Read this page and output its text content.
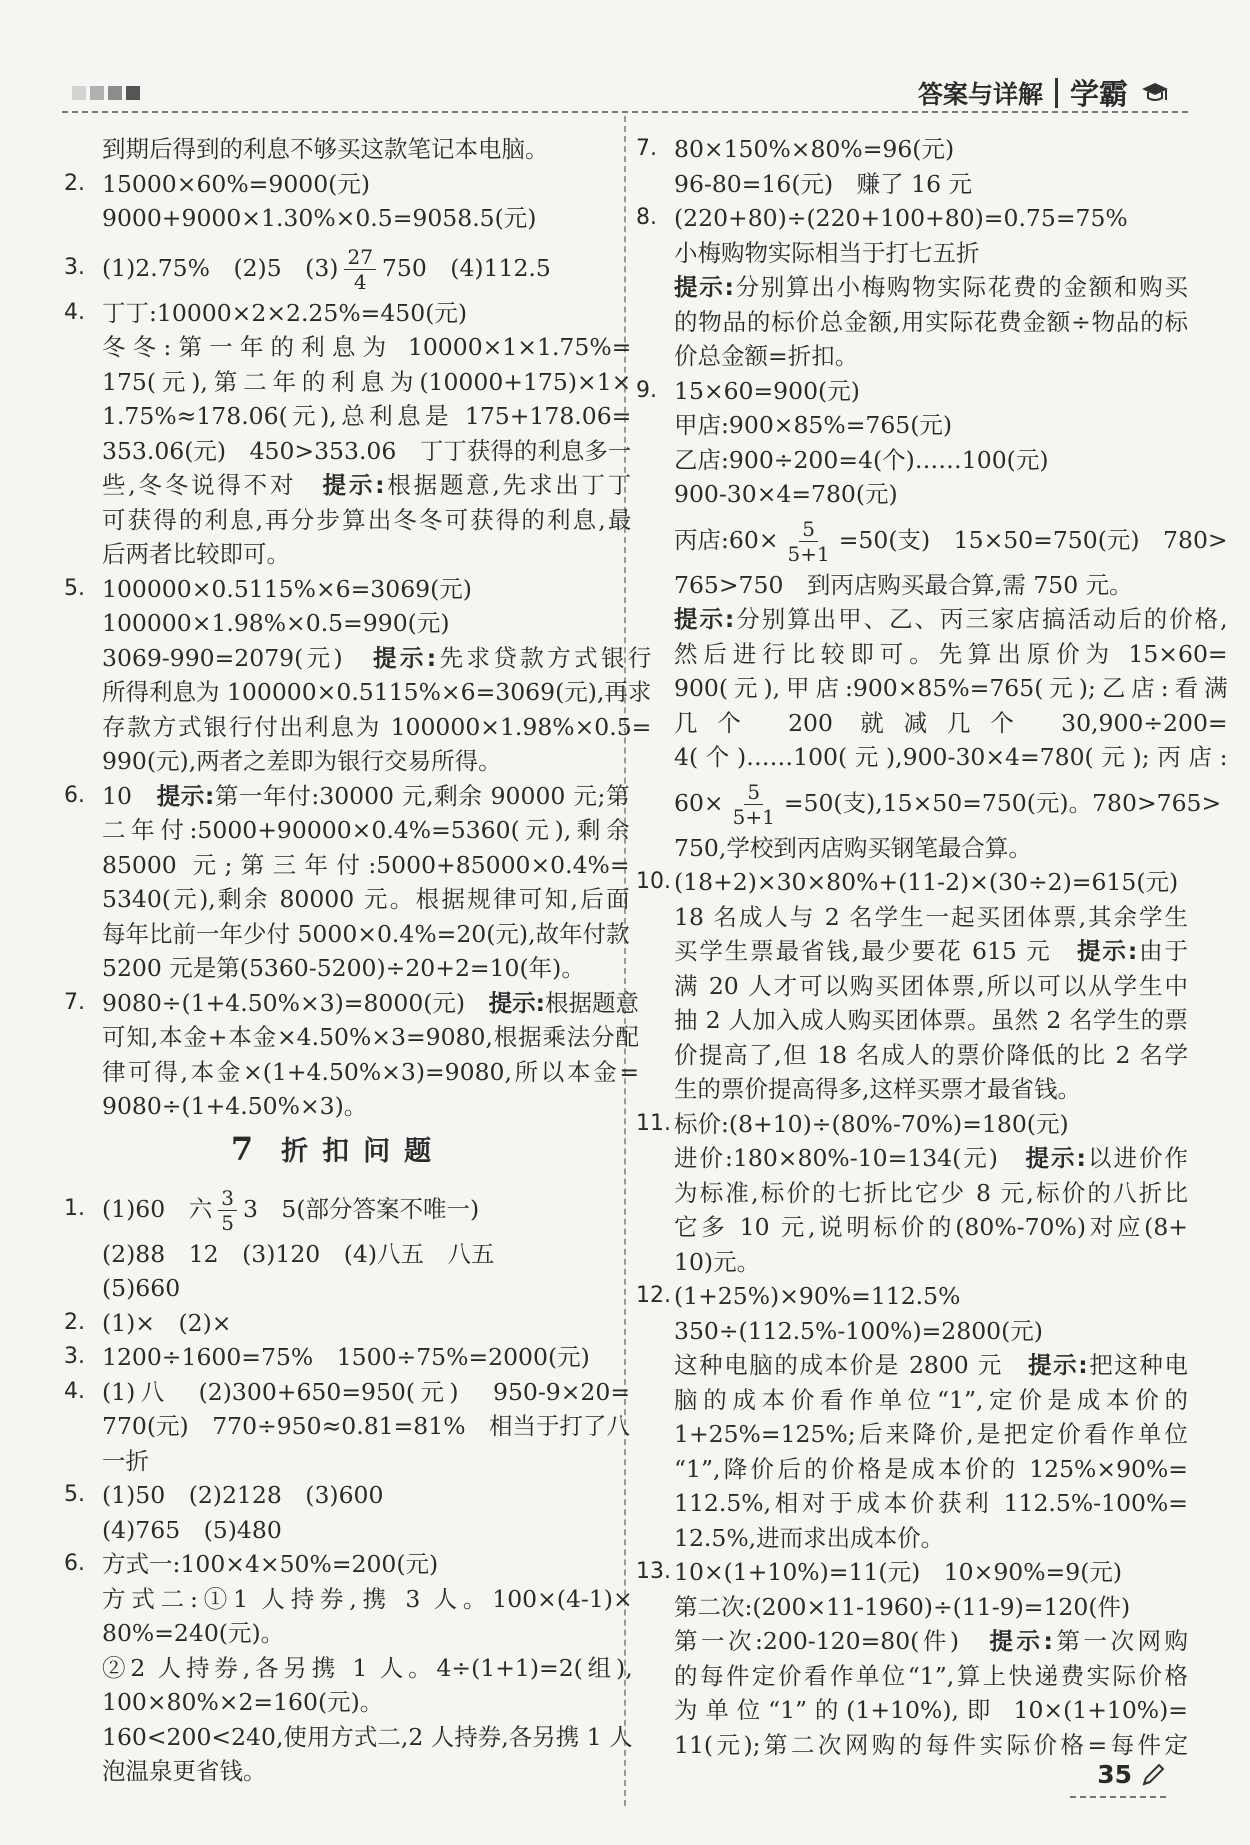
答案与详解 学霸
到期后得到的利息不够买这款笔记本电脑。
2. 15000×60%=9000(元)
9000+9000×1.30%×0.5=9058.5(元)
3. (1)2.75%　(2)5　$(3) \frac{27}{4} 750$　(4)112.5
4. 丁丁:10000×2×2.25%=450(元)
冬冬:第一年的利息为 10000×1×1.75%=
175(元),第二年的利息为(10000+175)×1×
1.75%≈178.06(元),总利息是 175+178.06=
353.06(元)　450>353.06　丁丁获得的利息多一
些,冬冬说得不对　提示:根据题意,先求出丁丁
可获得的利息,再分步算出冬冬可获得的利息,最
后两者比较即可。
5. 100000×0.5115%×6=3069(元)
100000×1.98%×0.5=990(元)
3069-990=2079(元)　提示:先求贷款方式银行
所得利息为 100000×0.5115%×6=3069(元),再求
存款方式银行付出利息为 100000×1.98%×0.5=
990(元),两者之差即为银行交易所得。
6. 10　提示:第一年付:30000 元,剩余 90000 元;第
二年付:5000+90000×0.4%=5360(元),剩余
85000 元;第三年付:5000+85000×0.4%=
5340(元),剩余 80000 元。根据规律可知,后面
每年比前一年少付 5000×0.4%=20(元),故年付款
5200 元是第(5360-5200)÷20+2=10(年)。
7. 9080÷(1+4.50%×3)=8000(元)　提示:根据题意
可知,本金+本金×4.50%×3=9080,根据乘法分配
律可得,本金×(1+4.50%×3)=9080,所以本金=
9080÷(1+4.50%×3)。
7 折扣问题
1. (1)60　六 $\frac{3}{5} 3$　5(部分答案不唯一)
(2)88　12　(3)120　(4)八五　八五
(5)660
2. (1)×　(2)×
3. 1200÷1600=75%　1500÷75%=2000(元)
4. (1)八　(2)300+650=950(元)　950-9×20=
770(元)　770÷950≈0.81=81%　相当于打了八
一折
5. (1)50　(2)2128　(3)600
(4)765　(5)480
6. 方式一:100×4×50%=200(元)
方式二:①1 人持券,携 3 人。100×(4-1)×
80%=240(元)。
②2 人持券,各另携 1 人。4÷(1+1)=2(组),
100×80%×2=160(元)。
160<200<240,使用方式二,2 人持券,各另携 1 人
泡温泉更省钱。
7. 80×150%×80%=96(元)
96-80=16(元)　赚了 16 元
8. (220+80)÷(220+100+80)=0.75=75%
小梅购物实际相当于打七五折
提示:分别算出小梅购物实际花费的金额和购买
的物品的标价总金额,用实际花费金额÷物品的标
价总金额=折扣。
9. 15×60=900(元)
甲店:900×85%=765(元)
乙店:900÷200=4(个)……100(元)
900-30×4=780(元)
丙店:60× $\frac{5}{5+1} =50$(支)　15×50=750(元)　780>
765>750　到丙店购买最合算,需 750 元。
提示:分别算出甲、乙、丙三家店搞活动后的价格,
然后进行比较即可。先算出原价为 15×60=
900(元),甲店:900×85%=765(元);乙店:看满
几个 200 就减几个 30,900÷200=
4(个)……100(元),900-30×4=780(元);丙店:
$60\times \frac{5}{5+1} =50$(支),15×50=750(元)。780>765>
750,学校到丙店购买钢笔最合算。
10. (18+2)×30×80%+(11-2)×(30÷2)=615(元)
18 名成人与 2 名学生一起买团体票,其余学生
买学生票最省钱,最少要花 615 元　提示:由于
满 20 人才可以购买团体票,所以可以从学生中
抽 2 人加入成人购买团体票。虽然 2 名学生的票
价提高了,但 18 名成人的票价降低的比 2 名学
生的票价提高得多,这样买票才最省钱。
11. 标价:(8+10)÷(80%-70%)=180(元)
进价:180×80%-10=134(元)　提示:以进价作
为标准,标价的七折比它少 8 元,标价的八折比
它多 10 元,说明标价的(80%-70%)对应(8+
10)元。
12. (1+25%)×90%=112.5%
350÷(112.5%-100%)=2800(元)
这种电脑的成本价是 2800 元　提示:把这种电
脑的成本价看作单位“1”,定价是成本价的
1+25%=125%;后来降价,是把定价看作单位
“1”,降价后的价格是成本价的 125%×90%=
112.5%,相对于成本价获利 112.5%-100%=
12.5%,进而求出成本价。
13. 10×(1+10%)=11(元)　10×90%=9(元)
第二次:(200×11-1960)÷(11-9)=120(件)
第一次:200-120=80(件)　提示:第一次网购
的每件定价看作单位“1”,算上快递费实际价格
为单位“1”的(1+10%),即 10×(1+10%)=
11(元);第二次网购的每件实际价格=每件定
35
